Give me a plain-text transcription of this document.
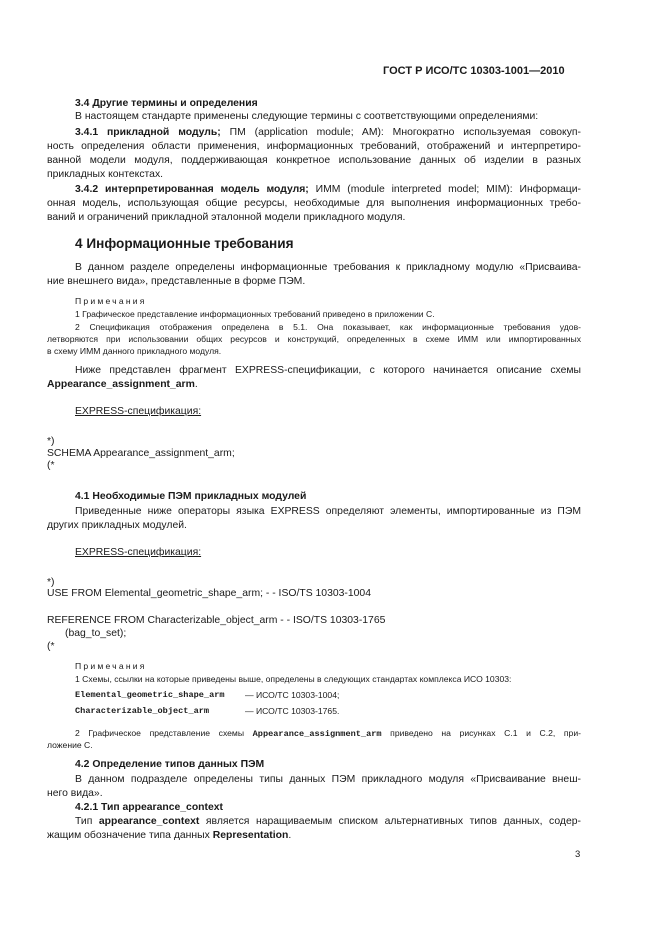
ГОСТ Р ИСО/ТС 10303-1001—2010
3.4 Другие термины и определения
В настоящем стандарте применены следующие термины с соответствующими определениями:
3.4.1 прикладной модуль; ПМ (application module; AM): Многократно используемая совокуп-
ность определения области применения, информационных требований, отображений и интерпретиро-
ванной модели модуля, поддерживающая конкретное использование данных об изделии в разных
прикладных контекстах.
3.4.2 интерпретированная модель модуля; ИММ (module interpreted model; MIM): Информаци-
онная модель, использующая общие ресурсы, необходимые для выполнения информационных требо-
ваний и ограничений прикладной эталонной модели прикладного модуля.
4 Информационные требования
В данном разделе определены информационные требования к прикладному модулю «Присваива-
ние внешнего вида», представленные в форме ПЭМ.
Примечания
1 Графическое представление информационных требований приведено в приложении С.
2 Спецификация отображения определена в 5.1. Она показывает, как информационные требования удов-
летворяются при использовании общих ресурсов и конструкций, определенных в схеме ИММ или импортированных
в схему ИММ данного прикладного модуля.
Ниже представлен фрагмент EXPRESS-спецификации, с которого начинается описание схемы
Appearance_assignment_arm.
EXPRESS-спецификация:
*)
SCHEMA Appearance_assignment_arm;
(*
4.1 Необходимые ПЭМ прикладных модулей
Приведенные ниже операторы языка EXPRESS определяют элементы, импортированные из ПЭМ
других прикладных модулей.
EXPRESS-спецификация:
*)
USE FROM Elemental_geometric_shape_arm; - - ISO/TS 10303-1004
REFERENCE FROM Characterizable_object_arm - - ISO/TS 10303-1765
(bag_to_set);
(*
Примечания
1 Схемы, ссылки на которые приведены выше, определены в следующих стандартах комплекса ИСО 10303:
Elemental_geometric_shape_arm — ИСО/ТС 10303-1004;
Characterizable_object_arm	— ИСО/ТС 10303-1765.
2 Графическое представление схемы Appearance_assignment_arm приведено на рисунках С.1 и С.2, при-
ложение С.
4.2 Определение типов данных ПЭМ
В данном подразделе определены типы данных ПЭМ прикладного модуля «Присваивание внеш-
него вида».
4.2.1 Тип appearance_context
Тип appearance_context является наращиваемым списком альтернативных типов данных, содер-
жащим обозначение типа данных Representation.
3
